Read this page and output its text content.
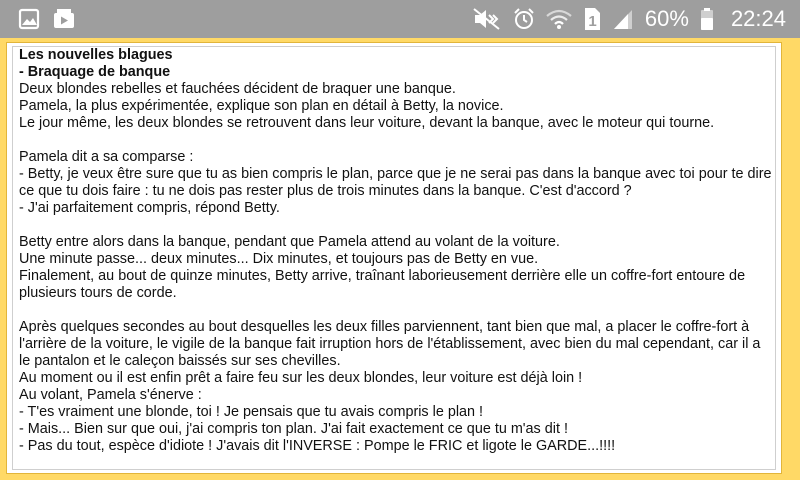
1 60% 22:24
Les nouvelles blagues
- Braquage de banque
Deux blondes rebelles et fauchées décident de braquer une banque.
Pamela, la plus expérimentée, explique son plan en détail à Betty, la novice.
Le jour même, les deux blondes se retrouvent dans leur voiture, devant la banque, avec le moteur qui tourne.
Pamela dit a sa comparse :
- Betty, je veux être sure que tu as bien compris le plan, parce que je ne serai pas dans la banque avec toi pour te dire
ce que tu dois faire : tu ne dois pas rester plus de trois minutes dans la banque. C'est d'accord ?
- J'ai parfaitement compris, répond Betty.
Betty entre alors dans la banque, pendant que Pamela attend au volant de la voiture.
Une minute passe... deux minutes... Dix minutes, et toujours pas de Betty en vue.
Finalement, au bout de quinze minutes, Betty arrive, traînant laborieusement derrière elle un coffre-fort entoure de
plusieurs tours de corde.
Après quelques secondes au bout desquelles les deux filles parviennent, tant bien que mal, a placer le coffre-fort à
l'arrière de la voiture, le vigile de la banque fait irruption hors de l'établissement, avec bien du mal cependant, car il a
le pantalon et le caleçon baissés sur ses chevilles.
Au moment ou il est enfin prêt a faire feu sur les deux blondes, leur voiture est déjà loin !
Au volant, Pamela s'énerve :
- T'es vraiment une blonde, toi ! Je pensais que tu avais compris le plan !
- Mais... Bien sur que oui, j'ai compris ton plan. J'ai fait exactement ce que tu m'as dit !
- Pas du tout, espèce d'idiote ! J'avais dit l'INVERSE : Pompe le FRIC et ligote le GARDE...!!!!
